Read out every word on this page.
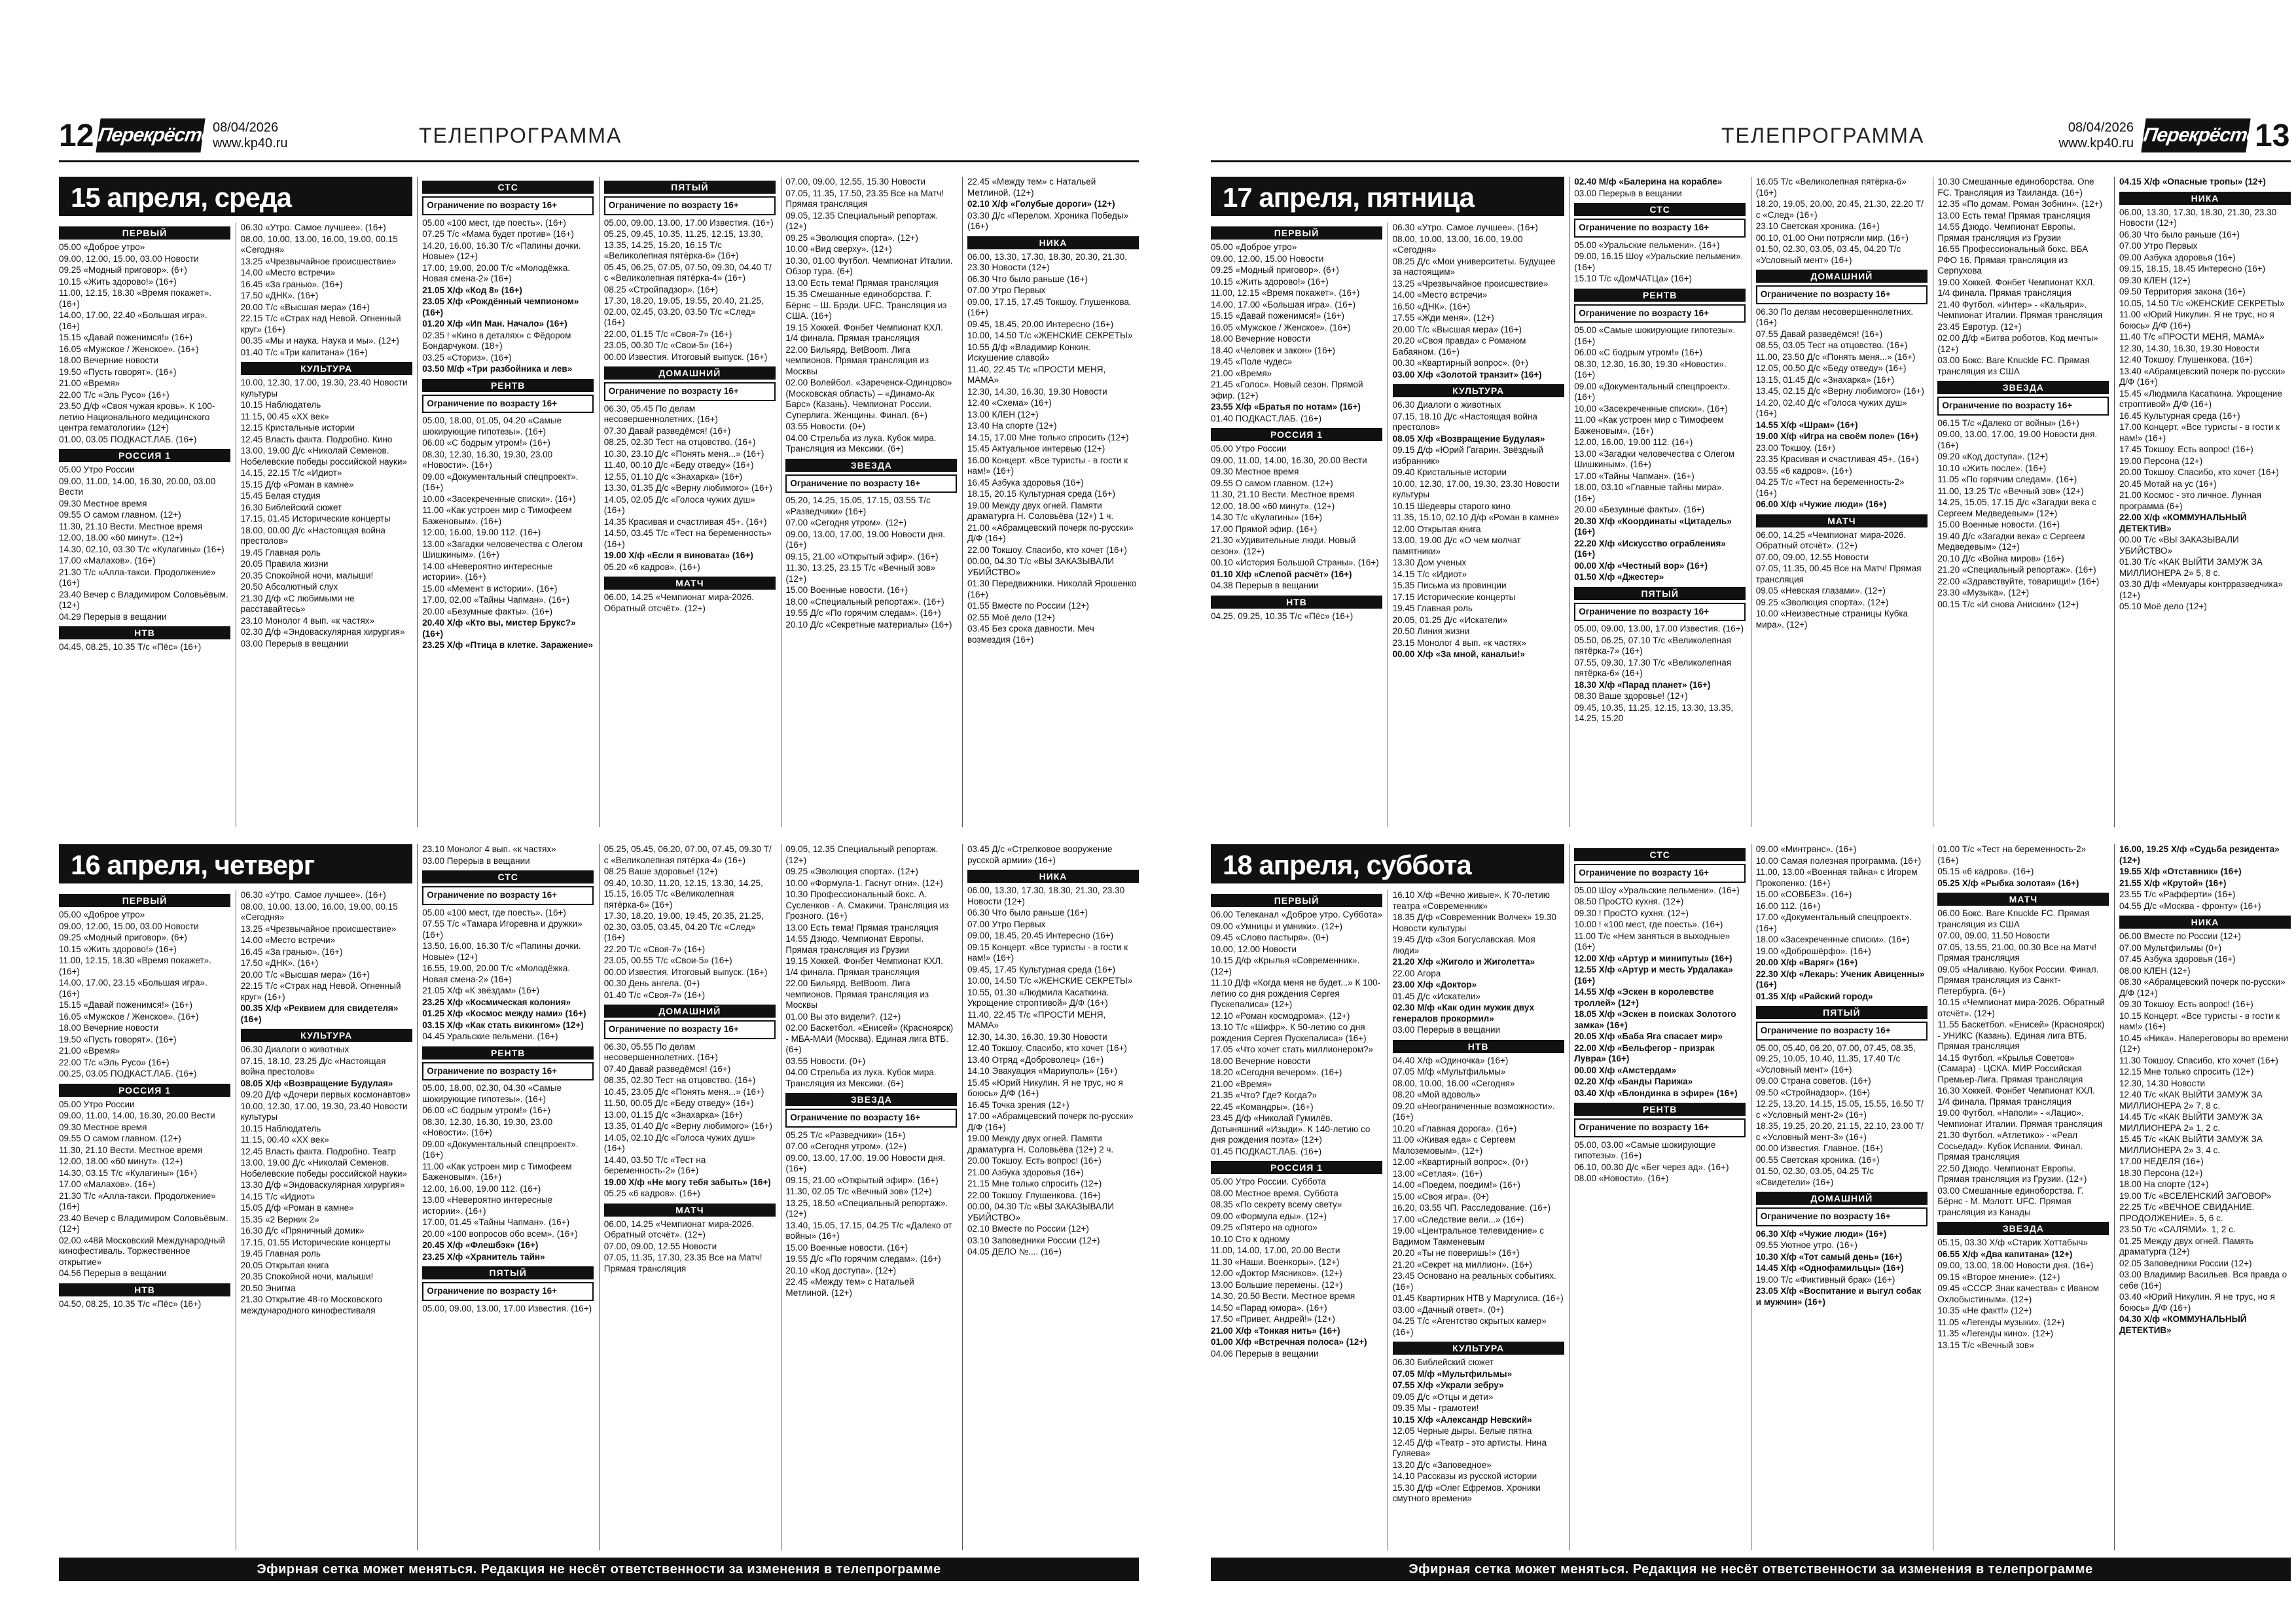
12 Перекрёсток
08/04/2026
www.kp40.ru	ТЕЛЕПРОГРАММА
15 апреля, среда
ПЕРВЫЙ
05.00 «Доброе утро»
09.00, 12.00, 15.00, 03.00 Новости
09.25 «Модный приговор». (6+)
10.15 «Жить здорово!» (16+)
11.00, 12.15, 18.30 «Время покажет». (16+)
14.00, 17.00, 22.40 «Большая игра». (16+)
15.15 «Давай поженимся!» (16+)
16.05 «Мужское / Женское». (16+)
18.00 Вечерние новости
19.50 «Пусть говорят». (16+)
21.00 «Время»
22.00 Т/с «Эль Русо» (16+)
23.50 Д/ф «Своя чужая кровь». К 100-летию Национального медицинского центра гематологии» (12+)
01.00, 03.05 ПОДКАСТ.ЛАБ. (16+)
РОССИЯ 1
05.00 Утро России
09.00, 11.00, 14.00, 16.30, 20.00, 03.00 Вести
09.30 Местное время
09.55 О самом главном. (12+)
11.30, 21.10 Вести. Местное время
12.00, 18.00 «60 минут». (12+)
14.30, 02.10, 03.30 Т/с «Кулагины» (16+)
17.00 «Малахов». (16+)
21.30 Т/с «Алла-такси. Продолжение» (16+)
23.40 Вечер с Владимиром Соловьёвым. (12+)
04.29 Перерыв в вещании
НТВ
04.45, 08.25, 10.35 Т/с «Пёс» (16+)
06.30 «Утро. Самое лучшее». (16+)
08.00, 10.00, 13.00, 16.00, 19.00, 00.15 «Сегодня»
13.25 «Чрезвычайное происшествие»
14.00 «Место встречи»
16.45 «За гранью». (16+)
17.50 «ДНК». (16+)
20.00 Т/с «Высшая мера» (16+)
22.15 Т/с «Страх над Невой. Огненный круг» (16+)
00.35 «Мы и наука. Наука и мы». (12+)
01.40 Т/с «Три капитана» (16+)
КУЛЬТУРА
10.00, 12.30, 17.00, 19.30, 23.40 Новости культуры
10.15 Наблюдатель
11.15, 00.45 «ХХ век»
12.15 Кристальные истории
12.45 Власть факта. Подробно. Кино
13.00, 19.00 Д/с «Николай Семенов. Нобелевские победы российской науки»
14.15, 22.15 Т/с «Идиот»
15.15 Д/ф «Роман в камне»
15.45 Белая студия
16.30 Библейский сюжет
17.15, 01.45 Исторические концерты
18.00, 00.00 Д/с «Настоящая война престолов»
19.45 Главная роль
20.05 Правила жизни
20.35 Спокойной ночи, малыши!
20.50 Абсолютный слух
21.30 Д/ф «С любимыми не расставайтесь»
23.10 Монолог 4 вып. «к частях»
02.30 Д/ф «Эндоваскулярная хирургия»
03.00 Перерыв в вещании
СТС
Ограничение по возрасту 16+
05.00 «100 мест, где поесть». (16+)
07.25 Т/с «Мама будет против» (16+)
14.20, 16.00, 16.30 Т/с «Папины дочки. Новые» (12+)
17.00, 19.00, 20.00 Т/с «Молодёжка. Новая смена-2» (16+)
21.05 Х/ф «Код 8» (16+)
23.05 Х/ф «Рождённый чемпионом» (16+)
01.20 Х/ф «Ип Ман. Начало» (16+)
02.35 ! «Кино в деталях» с Фёдором Бондарчуком. (18+)
03.25 «Сториз». (16+)
03.50 М/ф «Три разбойника и лев»
РЕНТВ
Ограничение по возрасту 16+
05.00, 18.00, 01.05, 04.20 «Самые шокирующие гипотезы». (16+)
06.00 «С бодрым утром!» (16+)
08.30, 12.30, 16.30, 19.30, 23.00 «Новости». (16+)
09.00 «Документальный спецпроект». (16+)
10.00 «Засекреченные списки». (16+)
11.00 «Как устроен мир с Тимофеем Баженовым». (16+)
12.00, 16.00, 19.00 112. (16+)
13.00 «Загадки человечества с Олегом Шишкиным». (16+)
14.00 «Невероятно интересные истории». (16+)
15.00 «Мемент в истории». (16+)
17.00, 02.00 «Тайны Чапман». (16+)
20.00 «Безумные факты». (16+)
20.40 Х/ф «Кто вы, мистер Брукс?» (16+)
23.25 Х/ф «Птица в клетке. Заражение»
ПЯТЫЙ
Ограничение по возрасту 16+
05.00, 09.00, 13.00, 17.00 Известия. (16+)
05.25, 09.45, 10.35, 11.25, 12.15, 13.30, 13.35, 14.25, 15.20, 16.15 Т/с «Великолепная пятёрка-6» (16+)
05.45, 06.25, 07.05, 07.50, 09.30, 04.40 Т/с «Великолепная пятёрка-4» (16+)
08.25 «Стройпадзор». (16+)
17.30, 18.20, 19.05, 19.55, 20.40, 21.25, 02.00, 02.45, 03.20, 03.50 Т/с «След» (16+)
22.00, 01.15 Т/с «Своя-7» (16+)
23.05, 00.30 Т/с «Свои-5» (16+)
00.00 Известия. Итоговый выпуск. (16+)
ДОМАШНИЙ
Ограничение по возрасту 16+
06.30, 05.45 По делам несовершеннолетних. (16+)
07.30 Давай разведёмся! (16+)
08.25, 02.30 Тест на отцовство. (16+)
10.30, 23.10 Д/с «Понять меня...» (16+)
11.40, 00.10 Д/с «Беду отведу» (16+)
12.55, 01.10 Д/с «Знахарка» (16+)
13.30, 01.35 Д/с «Верну любимого» (16+)
14.05, 02.05 Д/с «Голоса чужих душ» (16+)
14.35 Красивая и счастливая 45+. (16+)
14.50, 03.45 Т/с «Тест на беременность» (16+)
19.00 Х/ф «Если я виновата» (16+)
05.20 «6 кадров». (16+)
МАТЧ
06.00, 14.25 «Чемпионат мира-2026. Обратный отсчёт». (12+)
07.00, 09.00, 12.55, 15.30 Новости
07.05, 11.35, 17.50, 23.35 Все на Матч! Прямая трансляция
09.05, 12.35 Специальный репортаж. (12+)
09.25 «Эволюция спорта». (12+)
10.00 «Вид сверху». (12+)
10.30, 01.00 Футбол. Чемпионат Италии. Обзор тура. (6+)
13.00 Есть тема! Прямая трансляция
15.35 Смешанные единоборства. Г. Бёрнс – Ш. Брэди. UFC. Трансляция из США. (16+)
19.15 Хоккей. Фонбет Чемпионат КХЛ. 1/4 финала. Прямая трансляция
22.00 Бильярд. BetBoom. Лига чемпионов. Прямая трансляция из Москвы
02.00 Волейбол. «Зареченск-Одинцово» (Московская область) – «Динамо-Ак Барс» (Казань). Чемпионат России. Суперлига. Женщины. Финал. (6+)
03.55 Новости. (0+)
04.00 Стрельба из лука. Кубок мира. Трансляция из Мексики. (6+)
ЗВЕЗДА
Ограничение по возрасту 16+
05.20, 14.25, 15.05, 17.15, 03.55 Т/с «Разведчики» (16+)
07.00 «Сегодня утром». (12+)
09.00, 13.00, 17.00, 19.00 Новости дня. (16+)
09.15, 21.00 «Открытый эфир». (16+)
11.30, 13.25, 23.15 Т/с «Вечный зов» (12+)
15.00 Военные новости. (16+)
18.00 «Специальный репортаж». (16+)
19.55 Д/с «По горячим следам». (16+)
20.10 Д/с «Секретные материалы» (16+)
22.45 «Между тем» с Натальей Метлиной. (12+)
02.10 Х/ф «Голубые дороги» (12+)
03.30 Д/с «Перелом. Хроника Победы» (16+)
НИКА
06.00, 13.30, 17.30, 18.30, 20.30, 21.30, 23.30 Новости (12+)
06.30 Что было раньше (16+)
07.00 Утро Первых
09.00, 17.15, 17.45 Токшоу. Глушенкова. (16+)
09.45, 18.45, 20.00 Интересно (16+)
10.00, 14.50 Т/с «ЖЕНСКИЕ СЕКРЕТЫ»
10.55 Д/ф «Владимир Конкин. Искушение славой»
11.40, 22.45 Т/с «ПРОСТИ МЕНЯ, МАМА»
12.30, 14.30, 16.30, 19.30 Новости
12.40 «Схема» (16+)
13.00 КЛЕН (12+)
13.40 На спорте (12+)
14.15, 17.00 Мне только спросить (12+)
15.45 Актуальное интервью (12+)
16.00 Концерт. «Все туристы - в гости к нам!» (16+)
16.45 Азбука здоровья (16+)
18.15, 20.15 Культурная среда (16+)
19.00 Между двух огней. Памяти драматурга Н. Соловьёва (12+) 1 ч.
21.00 «Абрамцевский почерк по-русски» Д/Ф (16+)
22.00 Токшоу. Спасибо, кто хочет (16+)
00.00, 04.30 Т/с «ВЫ ЗАКАЗЫВАЛИ УБИЙСТВО»
01.30 Передвижники. Николай Ярошенко (16+)
01.55 Вместе по России (12+)
02.55 Моё дело (12+)
03.45 Без срока давности. Меч возмездия (16+)
16 апреля, четверг
ПЕРВЫЙ
05.00 «Доброе утро»
09.00, 12.00, 15.00, 03.00 Новости
09.25 «Модный приговор». (6+)
10.15 «Жить здорово!» (16+)
11.00, 12.15, 18.30 «Время покажет». (16+)
14.00, 17.00, 23.15 «Большая игра». (16+)
15.15 «Давай поженимся!» (16+)
16.05 «Мужское / Женское». (16+)
18.00 Вечерние новости
19.50 «Пусть говорят». (16+)
21.00 «Время»
22.00 Т/с «Эль Русо» (16+)
00.25, 03.05 ПОДКАСТ.ЛАБ. (16+)
РОССИЯ 1
05.00 Утро России
09.00, 11.00, 14.00, 16.30, 20.00 Вести
09.30 Местное время
09.55 О самом главном. (12+)
11.30, 21.10 Вести. Местное время
12.00, 18.00 «60 минут». (12+)
14.30, 03.15 Т/с «Кулагины» (16+)
17.00 «Малахов». (16+)
21.30 Т/с «Алла-такси. Продолжение» (16+)
23.40 Вечер с Владимиром Соловьёвым. (12+)
02.00 «48й Московский Международный кинофестиваль. Торжественное открытие»
04.56 Перерыв в вещании
НТВ
04.50, 08.25, 10.35 Т/с «Пёс» (16+)
06.30 «Утро. Самое лучшее». (16+)
08.00, 10.00, 13.00, 16.00, 19.00, 00.15 «Сегодня»
13.25 «Чрезвычайное происшествие»
14.00 «Место встречи»
16.45 «За гранью». (16+)
17.50 «ДНК». (16+)
20.00 Т/с «Высшая мера» (16+)
22.15 Т/с «Страх над Невой. Огненный круг» (16+)
00.35 Х/ф «Реквием для свидетеля» (16+)
КУЛЬТУРА
06.30 Диалоги о животных
07.15, 18.10, 23.25 Д/с «Настоящая война престолов»
08.05 Х/ф «Возвращение Будулая»
09.20 Д/ф «Дочери первых космонавтов»
10.00, 12.30, 17.00, 19.30, 23.40 Новости культуры
10.15 Наблюдатель
11.15, 00.40 «ХХ век»
12.45 Власть факта. Подробно. Театр
13.00, 19.00 Д/с «Николай Семенов. Нобелевские победы российской науки»
13.30 Д/ф «Эндоваскулярная хирургия»
14.15 Т/с «Идиот»
15.05 Д/ф «Роман в камне»
15.35 «2 Верник 2»
16.30 Д/с «Пряничный домик»
17.15, 01.55 Исторические концерты
19.45 Главная роль
20.05 Открытая книга
20.35 Спокойной ночи, малыши!
20.50 Энигма
21.30 Открытие 48-го Московского международного кинофестиваля
23.10 Монолог 4 вып. «к частях»
03.00 Перерыв в вещании
СТС
Ограничение по возрасту 16+
05.00 «100 мест, где поесть». (16+)
07.55 Т/с «Тамара Игоревна и дружки» (16+)
13.50, 16.00, 16.30 Т/с «Папины дочки. Новые» (12+)
16.55, 19.00, 20.00 Т/с «Молодёжка. Новая смена-2» (16+)
21.05 Х/ф «К звёздам» (16+)
23.25 Х/ф «Космическая колония»
01.25 Х/ф «Космос между нами» (16+)
03.15 Х/ф «Как стать викингом» (12+)
04.45 Уральские пельмени. (16+)
РЕНТВ
Ограничение по возрасту 16+
05.00, 18.00, 02.30, 04.30 «Самые шокирующие гипотезы». (16+)
06.00 «С бодрым утром!» (16+)
08.30, 12.30, 16.30, 19.30, 23.00 «Новости». (16+)
09.00 «Документальный спецпроект». (16+)
11.00 «Как устроен мир с Тимофеем Баженовым». (16+)
12.00, 16.00, 19.00 112. (16+)
13.00 «Невероятно интересные истории». (16+)
17.00, 01.45 «Тайны Чапман». (16+)
20.00 «100 вопросов обо всем». (16+)
20.45 Х/ф «Флешбэк» (16+)
23.25 Х/ф «Хранитель тайн»
ПЯТЫЙ
Ограничение по возрасту 16+
05.00, 09.00, 13.00, 17.00 Известия. (16+)
05.25, 05.45, 06.20, 07.00, 07.45, 09.30 Т/с «Великолепная пятёрка-4» (16+)
08.25 Ваше здоровье! (12+)
09.40, 10.30, 11.20, 12.15, 13.30, 14.25, 15.15, 16.05 Т/с «Великолепная пятёрка-6» (16+)
17.30, 18.20, 19.00, 19.45, 20.35, 21.25, 02.30, 03.05, 03.45, 04.20 Т/с «След» (16+)
22.20 Т/с «Своя-7» (16+)
23.05, 00.55 Т/с «Свои-5» (16+)
00.00 Известия. Итоговый выпуск. (16+)
00.30 День ангела. (0+)
01.40 Т/с «Своя-7» (16+)
ДОМАШНИЙ
Ограничение по возрасту 16+
06.30, 05.55 По делам несовершеннолетних. (16+)
07.40 Давай разведёмся! (16+)
08.35, 02.30 Тест на отцовство. (16+)
10.45, 23.05 Д/с «Понять меня...» (16+)
11.50, 00.05 Д/с «Беду отведу» (16+)
13.00, 01.15 Д/с «Знахарка» (16+)
13.35, 01.40 Д/с «Верну любимого» (16+)
14.05, 02.10 Д/с «Голоса чужих душ» (16+)
14.40, 03.50 Т/с «Тест на беременность-2» (16+)
19.00 Х/ф «Не могу тебя забыть» (16+)
05.25 «6 кадров». (16+)
МАТЧ
06.00, 14.25 «Чемпионат мира-2026. Обратный отсчёт». (12+)
07.00, 09.00, 12.55 Новости
07.05, 11.35, 17.30, 23.35 Все на Матч! Прямая трансляция
09.05, 12.35 Специальный репортаж. (12+)
09.25 «Эволюция спорта». (12+)
10.00 «Формула-1. Гаснут огни». (12+)
10.30 Профессиональный бокс. А. Сусленков - А. Смакичи. Трансляция из Грозного. (16+)
13.00 Есть тема! Прямая трансляция
14.55 Дзюдо. Чемпионат Европы. Прямая трансляция из Грузии
19.15 Хоккей. Фонбет Чемпионат КХЛ. 1/4 финала. Прямая трансляция
22.00 Бильярд. BetBoom. Лига чемпионов. Прямая трансляция из Москвы
01.00 Вы это видели?. (12+)
02.00 Баскетбол. «Енисей» (Красноярск) - МБА-МАИ (Москва). Единая лига ВТБ. (6+)
03.55 Новости. (0+)
04.00 Стрельба из лука. Кубок мира. Трансляция из Мексики. (6+)
ЗВЕЗДА
Ограничение по возрасту 16+
05.25 Т/с «Разведчики» (16+)
07.00 «Сегодня утром». (12+)
09.00, 13.00, 17.00, 19.00 Новости дня. (16+)
09.15, 21.00 «Открытый эфир». (16+)
11.30, 02.05 Т/с «Вечный зов» (12+)
13.25, 18.50 «Специальный репортаж». (12+)
13.40, 15.05, 17.15, 04.25 Т/с «Далеко от войны» (16+)
15.00 Военные новости. (16+)
19.55 Д/с «По горячим следам». (16+)
20.10 «Код доступа». (12+)
22.45 «Между тем» с Натальей Метлиной. (12+)
03.45 Д/с «Стрелковое вооружение русской армии» (16+)
НИКА
06.00, 13.30, 17.30, 18.30, 21.30, 23.30 Новости (12+)
06.30 Что было раньше (16+)
07.00 Утро Первых
09.00, 18.45, 20.45 Интересно (16+)
09.15 Концерт. «Все туристы - в гости к нам!» (16+)
09.45, 17.45 Культурная среда (16+)
10.00, 14.50 Т/с «ЖЕНСКИЕ СЕКРЕТЫ»
10.55, 01.30 «Людмила Касаткина. Укрощение строптивой» Д/Ф (16+)
11.40, 22.45 Т/с «ПРОСТИ МЕНЯ, МАМА»
12.30, 14.30, 16.30, 19.30 Новости
12.40 Токшоу. Спасибо, кто хочет (16+)
13.40 Отряд «Доброволец» (16+)
14.10 Эвакуация «Мариуполь» (16+)
15.45 «Юрий Никулин. Я не трус, но я боюсь» Д/Ф (16+)
16.45 Точка зрения (12+)
17.00 «Абрамцевский почерк по-русски» Д/Ф (16+)
19.00 Между двух огней. Памяти драматурга Н. Соловьёва (12+) 2 ч.
20.00 Токшоу. Есть вопрос! (16+)
21.00 Азбука здоровья (16+)
21.15 Мне только спросить (12+)
22.00 Токшоу. Глушенкова. (16+)
00.00, 04.30 Т/с «ВЫ ЗАКАЗЫВАЛИ УБИЙСТВО»
02.10 Вместе по России (12+)
03.10 Заповедники России (12+)
04.05 ДЕЛО №.... (16+)
Эфирная сетка может меняться. Редакция не несёт ответственности за изменения в телепрограмме
ТЕЛЕПРОГРАММА	08/04/2026
www.kp40.ru Перекрёсток
13
17 апреля, пятница
ПЕРВЫЙ
05.00 «Доброе утро»
09.00, 12.00, 15.00 Новости
09.25 «Модный приговор». (6+)
10.15 «Жить здорово!» (16+)
11.00, 12.15 «Время покажет». (16+)
14.00, 17.00 «Большая игра». (16+)
15.15 «Давай поженимся!» (16+)
16.05 «Мужское / Женское». (16+)
18.00 Вечерние новости
18.40 «Человек и закон» (16+)
19.45 «Поле чудес»
21.00 «Время»
21.45 «Голос». Новый сезон. Прямой эфир. (12+)
23.55 Х/ф «Братья по нотам» (16+)
01.40 ПОДКАСТ.ЛАБ. (16+)
РОССИЯ 1
05.00 Утро России
09.00, 11.00, 14.00, 16.30, 20.00 Вести
09.30 Местное время
09.55 О самом главном. (12+)
11.30, 21.10 Вести. Местное время
12.00, 18.00 «60 минут». (12+)
14.30 Т/с «Кулагины» (16+)
17.00 Прямой эфир. (16+)
21.30 «Удивительные люди. Новый сезон». (12+)
00.10 «История Большой Страны». (16+)
01.10 Х/ф «Слепой расчёт» (16+)
04.38 Перерыв в вещании
НТВ
04.25, 09.25, 10.35 Т/с «Пёс» (16+)
06.30 «Утро. Самое лучшее». (16+)
08.00, 10.00, 13.00, 16.00, 19.00 «Сегодня»
08.25 Д/с «Мои университеты. Будущее за настоящим»
13.25 «Чрезвычайное происшествие»
14.00 «Место встречи»
16.50 «ДНК». (16+)
17.55 «Жди меня». (12+)
20.00 Т/с «Высшая мера» (16+)
20.20 «Своя правда» с Романом Бабаяном. (16+)
00.30 «Квартирный вопрос». (0+)
03.00 Х/ф «Золотой транзит» (16+)
КУЛЬТУРА
06.30 Диалоги о животных
07.15, 18.10 Д/с «Настоящая война престолов»
08.05 Х/ф «Возвращение Будулая»
09.15 Д/ф «Юрий Гагарин. Звёздный избранник»
09.40 Кристальные истории
10.00, 12.30, 17.00, 19.30, 23.30 Новости культуры
10.15 Шедевры старого кино
11.35, 15.10, 02.10 Д/ф «Роман в камне»
12.00 Открытая книга
13.00, 19.00 Д/с «О чем молчат памятники»
13.30 Дом ученых
14.15 Т/с «Идиот»
15.35 Письма из провинции
17.15 Исторические концерты
19.45 Главная роль
20.05, 01.25 Д/с «Искатели»
20.50 Линия жизни
23.15 Монолог 4 вып. «к частях»
00.00 Х/ф «За мной, канальи!»
02.40 М/ф «Балерина на корабле»
03.00 Перерыв в вещании
СТС
Ограничение по возрасту 16+
05.00 «Уральские пельмени». (16+)
09.00, 16.15 Шоу «Уральские пельмени». (16+)
15.10 Т/с «ДомЧАТЦа» (16+)
РЕНТВ
Ограничение по возрасту 16+
05.00 «Самые шокирующие гипотезы». (16+)
06.00 «С бодрым утром!» (16+)
08.30, 12.30, 16.30, 19.30 «Новости». (16+)
09.00 «Документальный спецпроект». (16+)
10.00 «Засекреченные списки». (16+)
11.00 «Как устроен мир с Тимофеем Баженовым». (16+)
12.00, 16.00, 19.00 112. (16+)
13.00 «Загадки человечества с Олегом Шишкиным». (16+)
17.00 «Тайны Чапман». (16+)
18.00, 03.10 «Главные тайны мира». (16+)
20.00 «Безумные факты». (16+)
20.30 Х/ф «Координаты «Цитадель» (16+)
22.20 Х/ф «Искусство ограбления» (16+)
00.00 Х/ф «Честный вор» (16+)
01.50 Х/ф «Джестер»
ПЯТЫЙ
Ограничение по возрасту 16+
05.00, 09.00, 13.00, 17.00 Известия. (16+)
05.50, 06.25, 07.10 Т/с «Великолепная пятёрка-7» (16+)
07.55, 09.30, 17.30 Т/с «Великолепная пятёрка-6» (16+)
18.30 Х/ф «Парад планет» (16+)
08.30 Ваше здоровье! (12+)
09.45, 10.35, 11.25, 12.15, 13.30, 13.35, 14.25, 15.20
16.05 Т/с «Великолепная пятёрка-6» (16+)
18.20, 19.05, 20.00, 20.45, 21.30, 22.20 Т/с «След» (16+)
23.10 Светская хроника. (16+)
00.10, 01.00 Они потрясли мир. (16+)
01.50, 02.30, 03.05, 03.45, 04.20 Т/с «Условный мент» (16+)
ДОМАШНИЙ
Ограничение по возрасту 16+
06.30 По делам несовершеннолетних. (16+)
07.55 Давай разведёмся! (16+)
08.55, 03.05 Тест на отцовство. (16+)
11.00, 23.50 Д/с «Понять меня...» (16+)
12.05, 00.50 Д/с «Беду отведу» (16+)
13.15, 01.45 Д/с «Знахарка» (16+)
13.45, 02.15 Д/с «Верну любимого» (16+)
14.20, 02.40 Д/с «Голоса чужих душ» (16+)
14.55 Х/ф «Шрам» (16+)
19.00 Х/ф «Игра на своём поле» (16+)
23.00 Токшоу. (16+)
23.35 Красивая и счастливая 45+. (16+)
03.55 «6 кадров». (16+)
04.25 Т/с «Тест на беременность-2» (16+)
06.00 Х/ф «Чужие люди» (16+)
МАТЧ
06.00, 14.25 «Чемпионат мира-2026. Обратный отсчёт». (12+)
07.00, 09.00, 12.55 Новости
07.05, 11.35, 00.45 Все на Матч! Прямая трансляция
09.05 «Невская глазами». (12+)
09.25 «Эволюция спорта». (12+)
10.00 «Неизвестные страницы Кубка мира». (12+)
10.30 Смешанные единоборства. One FC. Трансляция из Таиланда. (16+)
12.35 «По домам. Роман Зобнин». (12+)
13.00 Есть тема! Прямая трансляция
14.55 Дзюдо. Чемпионат Европы. Прямая трансляция из Грузии
16.55 Профессиональный бокс. ВБА РФО 16. Прямая трансляция из Серпухова
19.00 Хоккей. Фонбет Чемпионат КХЛ. 1/4 финала. Прямая трансляция
21.40 Футбол. «Интер» - «Кальяри». Чемпионат Италии. Прямая трансляция
23.45 Евротур. (12+)
02.00 Д/ф «Битва роботов. Код мечты» (12+)
03.00 Бокс. Bare Knuckle FC. Прямая трансляция из США
ЗВЕЗДА
Ограничение по возрасту 16+
06.15 Т/с «Далеко от войны» (16+)
09.00, 13.00, 17.00, 19.00 Новости дня. (16+)
09.20 «Код доступа». (12+)
10.10 «Жить после». (16+)
11.05 «По горячим следам». (16+)
11.00, 13.25 Т/с «Вечный зов» (12+)
14.25, 15.05, 17.15 Д/с «Загадки века с Сергеем Медведевым» (12+)
15.00 Военные новости. (16+)
19.40 Д/с «Загадки века» с Сергеем Медведевым» (12+)
20.10 Д/с «Война миров» (16+)
21.20 «Специальный репортаж». (16+)
22.00 «Здравствуйте, товарищи!» (16+)
23.30 «Музыка». (12+)
00.15 Т/с «И снова Анискин» (12+)
04.15 Х/ф «Опасные тропы» (12+)
НИКА
06.00, 13.30, 17.30, 18.30, 21.30, 23.30 Новости (12+)
06.30 Что было раньше (16+)
07.00 Утро Первых
09.00 Азбука здоровья (16+)
09.15, 18.15, 18.45 Интересно (16+)
09.30 КЛЕН (12+)
09.50 Территория закона (16+)
10.05, 14.50 Т/с «ЖЕНСКИЕ СЕКРЕТЫ»
11.00 «Юрий Никулин. Я не трус, но я боюсь» Д/Ф (16+)
11.40 Т/с «ПРОСТИ МЕНЯ, МАМА»
12.30, 14.30, 16.30, 19.30 Новости
12.40 Токшоу. Глушенкова. (16+)
13.40 «Абрамцевский почерк по-русски» Д/Ф (16+)
15.45 «Людмила Касаткина. Укрощение строптивой» Д/Ф (16+)
16.45 Культурная среда (16+)
17.00 Концерт. «Все туристы - в гости к нам!» (16+)
17.45 Токшоу. Есть вопрос! (16+)
19.00 Персона (12+)
20.00 Токшоу. Спасибо, кто хочет (16+)
20.45 Мотай на ус (16+)
21.00 Космос - это личное. Лунная программа (6+)
22.00 Х/ф «КОММУНАЛЬНЫЙ ДЕТЕКТИВ»
00.00 Т/с «ВЫ ЗАКАЗЫВАЛИ УБИЙСТВО»
01.30 Т/с «КАК ВЫЙТИ ЗАМУЖ ЗА МИЛЛИОНЕРА 2» 5, 8 с.
03.30 Д/ф «Мемуары контрразведчика» (12+)
05.10 Моё дело (12+)
18 апреля, суббота
ПЕРВЫЙ
06.00 Телеканал «Доброе утро. Суббота»
09.00 «Умницы и умники». (12+)
09.45 «Слово пастыря». (0+)
10.00, 12.00 Новости
10.15 Д/ф «Крылья «Современник». (12+)
11.10 Д/ф «Когда меня не будет...» К 100-летию со дня рождения Сергея Пускепалиса» (12+)
12.10 «Роман космодрома». (12+)
13.10 Т/с «Шифр». К 50-летию со дня рождения Сергея Пускепалиса» (16+)
17.05 «Что хочет стать миллионером?»
18.00 Вечерние новости
18.20 «Сегодня вечером». (16+)
21.00 «Время»
21.35 «Что? Где? Когда?»
22.45 «Командры». (16+)
23.45 Д/ф «Николай Гумилёв. Дотыняшний «Изыди». К 140-летию со дня рождения поэта» (12+)
01.45 ПОДКАСТ.ЛАБ. (16+)
РОССИЯ 1
05.00 Утро России. Суббота
08.00 Местное время. Суббота
08.35 «По секрету всему свету»
09.00 «Формула еды». (12+)
09.25 «Пятеро на одного»
10.10 Сто к одному
11.00, 14.00, 17.00, 20.00 Вести
11.30 «Наши. Военкоры». (12+)
12.00 «Доктор Мясников». (12+)
13.00 Большие перемены. (12+)
14.30, 20.50 Вести. Местное время
14.50 «Парад юмора». (16+)
17.50 «Привет, Андрей!» (12+)
21.00 Х/ф «Тонкая нить» (16+)
01.00 Х/ф «Встречная полоса» (12+)
04.06 Перерыв в вещании
16.10 Х/ф «Вечно живые». К 70-летию театра «Современник»
18.35 Д/ф «Современник Волчек» 19.30 Новости культуры
19.45 Д/ф «Зоя Богуславская. Моя люди»
21.20 Х/ф «Жиголо и Жиголетта»
22.00 Агора
23.00 Х/ф «Доктор»
01.45 Д/с «Искатели»
02.30 М/ф «Как один мужик двух генералов прокормил»
03.00 Перерыв в вещании
НТВ
04.40 Х/ф «Одиночка» (16+)
07.05 М/ф «Мультфильмы»
08.00, 10.00, 16.00 «Сегодня»
08.20 «Мой вдоволь»
09.20 «Неограниченные возможности». (16+)
10.20 «Главная дорога». (16+)
11.00 «Живая еда» с Сергеем Малоземовым». (12+)
12.00 «Квартирный вопрос». (0+)
13.00 «Сетлая». (16+)
14.00 «Поедем, поедим!» (16+)
15.00 «Своя игра». (0+)
16.20, 03.55 ЧП. Расследование. (16+)
17.00 «Следствие вели...» (16+)
19.00 «Центральное телевидение» с Вадимом Такменевым
20.20 «Ты не поверишь!» (16+)
21.20 «Секрет на миллион». (16+)
23.45 Основано на реальных событиях. (16+)
01.45 Квартирник НТВ у Маргулиса. (16+)
03.00 «Дачный ответ». (0+)
04.25 Т/с «Агентство скрытых камер» (16+)
КУЛЬТУРА
06.30 Библейский сюжет
07.05 М/ф «Мультфильмы»
07.55 Х/ф «Украли зебру»
09.05 Д/с «Отцы и дети»
09.35 Мы - грамотеи!
10.15 Х/ф «Александр Невский»
12.05 Черные дыры. Белые пятна
12.45 Д/ф «Театр - это артисты. Нина Гуляева»
13.20 Д/с «Заповедное»
14.10 Рассказы из русской истории
15.30 Д/ф «Олег Ефремов. Хроники смутного времени»
СТС
Ограничение по возрасту 16+
05.00 Шоу «Уральские пельмени». (16+)
08.50 ПроСТО кухня. (12+)
09.30 ! ПроСТО кухня. (12+)
10.00 ! «100 мест, где поесть». (16+)
11.00 Т/с «Нем заняться в выходные» (16+)
12.00 Х/ф «Артур и минипуты» (16+)
12.55 Х/ф «Артур и месть Урдалака» (16+)
14.55 Х/ф «Эскен в королевстве троллей» (12+)
18.05 Х/ф «Эскен в поисках Золотого замка» (16+)
20.05 Х/ф «Баба Яга спасает мир»
22.00 Х/ф «Бельфегор - призрак Лувра» (16+)
00.00 Х/ф «Амстердам»
02.20 Х/ф «Банды Парижа»
03.40 Х/ф «Блондинка в эфире» (16+)
РЕНТВ
Ограничение по возрасту 16+
05.00, 03.00 «Самые шокирующие гипотезы». (16+)
06.10, 00.30 Д/с «Бег через ад». (16+)
08.00 «Новости». (16+)
09.00 «Минтранс». (16+)
10.00 Самая полезная программа. (16+)
11.00, 13.00 «Военная тайна» с Игорем Прокопенко. (16+)
15.00 «СОВБЕЗ». (16+)
16.00 112. (16+)
17.00 «Документальный спецпроект». (16+)
18.00 «Засекреченные списки». (16+)
19.00 «Доброшёрфо». (16+)
20.00 Х/ф «Варяг» (16+)
22.30 Х/ф «Лекарь: Ученик Авиценны» (16+)
01.35 Х/ф «Райский город»
ПЯТЫЙ
Ограничение по возрасту 16+
05.00, 05.40, 06.20, 07.00, 07.45, 08.35, 09.25, 10.05, 10.40, 11.35, 17.40 Т/с «Условный мент» (16+)
09.00 Страна советов. (16+)
09.50 «Стройнадзор». (16+)
12.25, 13.20, 14.15, 15.05, 15.55, 16.50 Т/с «Условный мент-2» (16+)
18.35, 19.25, 20.20, 21.15, 22.10, 23.00 Т/с «Условный мент-3» (16+)
00.00 Известия. Главное. (16+)
00.55 Светская хроника. (16+)
01.50, 02.30, 03.05, 04.25 Т/с «Свидетели» (16+)
ДОМАШНИЙ
Ограничение по возрасту 16+
06.30 Х/ф «Чужие люди» (16+)
09.55 Уютное утро. (16+)
10.30 Х/ф «Тот самый день» (16+)
14.45 Х/ф «Однофамильцы» (16+)
19.00 Т/с «Фиктивный брак» (16+)
23.05 Х/ф «Воспитание и выгул собак и мужчин» (16+)
01.00 Т/с «Тест на беременность-2» (16+)
05.15 «6 кадров». (16+)
05.25 Х/ф «Рыбка золотая» (16+)
МАТЧ
06.00 Бокс. Bare Knuckle FC. Прямая трансляция из США
07.00, 09.00, 11.50 Новости
07.05, 13.55, 21.00, 00.30 Все на Матч! Прямая трансляция
09.05 «Наливаю. Кубок России. Финал. Прямая трансляция из Санкт-Петербурга. (6+)
10.15 «Чемпионат мира-2026. Обратный отсчёт». (12+)
11.55 Баскетбол. «Енисей» (Красноярск) - УНИКС (Казань). Единая лига ВТБ. Прямая трансляция
14.15 Футбол. «Крылья Советов» (Самара) - ЦСКА. МИР Российская Премьер-Лига. Прямая трансляция
16.30 Хоккей. Фонбет Чемпионат КХЛ. 1/4 финала. Прямая трансляция
19.00 Футбол. «Наполи» - «Лацио». Чемпионат Италии. Прямая трансляция
21.30 Футбол. «Атлетико» - «Реал Сосьедад». Кубок Испании. Финал. Прямая трансляция
22.50 Дзюдо. Чемпионат Европы. Прямая трансляция из Грузии. (12+)
03.00 Смешанные единоборства. Г. Бёрнс - М. Мэлотт. UFC. Прямая трансляция из Канады
ЗВЕЗДА
05.15, 03.30 Х/ф «Старик Хоттабыч»
06.55 Х/ф «Два капитана» (12+)
09.00, 13.00, 18.00 Новости дня. (16+)
09.15 «Второе мнение». (12+)
09.45 «СССР. Знак качества» с Иваном Охлобыстиным». (12+)
10.35 «Не факт!» (12+)
11.05 «Легенды музыки». (12+)
11.35 «Легенды кино». (12+)
13.15 Т/с «Вечный зов»
16.00, 19.25 Х/ф «Судьба резидента» (12+)
19.55 Х/ф «Отставник» (16+)
21.55 Х/ф «Крутой» (16+)
23.55 Т/с «Рафферти» (16+)
04.55 Д/с «Москва - фронту» (16+)
НИКА
06.00 Вместе по России (12+)
07.00 Мультфильмы (0+)
07.45 Азбука здоровья (16+)
08.00 КЛЕН (12+)
08.30 «Абрамцевский почерк по-русски» Д/Ф (12+)
09.30 Токшоу. Есть вопрос! (16+)
10.15 Концерт. «Все туристы - в гости к нам!» (16+)
10.45 «Ника». Напереговоры во времени (12+)
11.30 Токшоу. Спасибо, кто хочет (16+)
12.15 Мне только спросить (12+)
12.30, 14.30 Новости
12.40 Т/с «КАК ВЫЙТИ ЗАМУЖ ЗА МИЛЛИОНЕРА 2» 7, 8 с.
14.45 Т/с «КАК ВЫЙТИ ЗАМУЖ ЗА МИЛЛИОНЕРА 2» 1, 2 с.
15.45 Т/с «КАК ВЫЙТИ ЗАМУЖ ЗА МИЛЛИОНЕРА 2» 3, 4 с.
17.00 НЕДЕЛЯ (16+)
18.30 Персона (12+)
18.00 На спорте (12+)
19.00 Т/с «ВСЕЛЕНСКИЙ ЗАГОВОР»
22.25 Т/с «ВЕЧНОЕ СВИДАНИЕ. ПРОДОЛЖЕНИЕ». 5, 6 с.
23.50 Т/с «САЛЯМИ». 1, 2 с.
01.25 Между двух огней. Память драматурга (12+)
02.05 Заповедники России (12+)
03.00 Владимир Васильев. Вся правда о себе (16+)
03.40 «Юрий Никулин. Я не трус, но я боюсь» Д/Ф (16+)
04.30 Х/ф «КОММУНАЛЬНЫЙ ДЕТЕКТИВ»
Эфирная сетка может меняться. Редакция не несёт ответственности за изменения в телепрограмме
